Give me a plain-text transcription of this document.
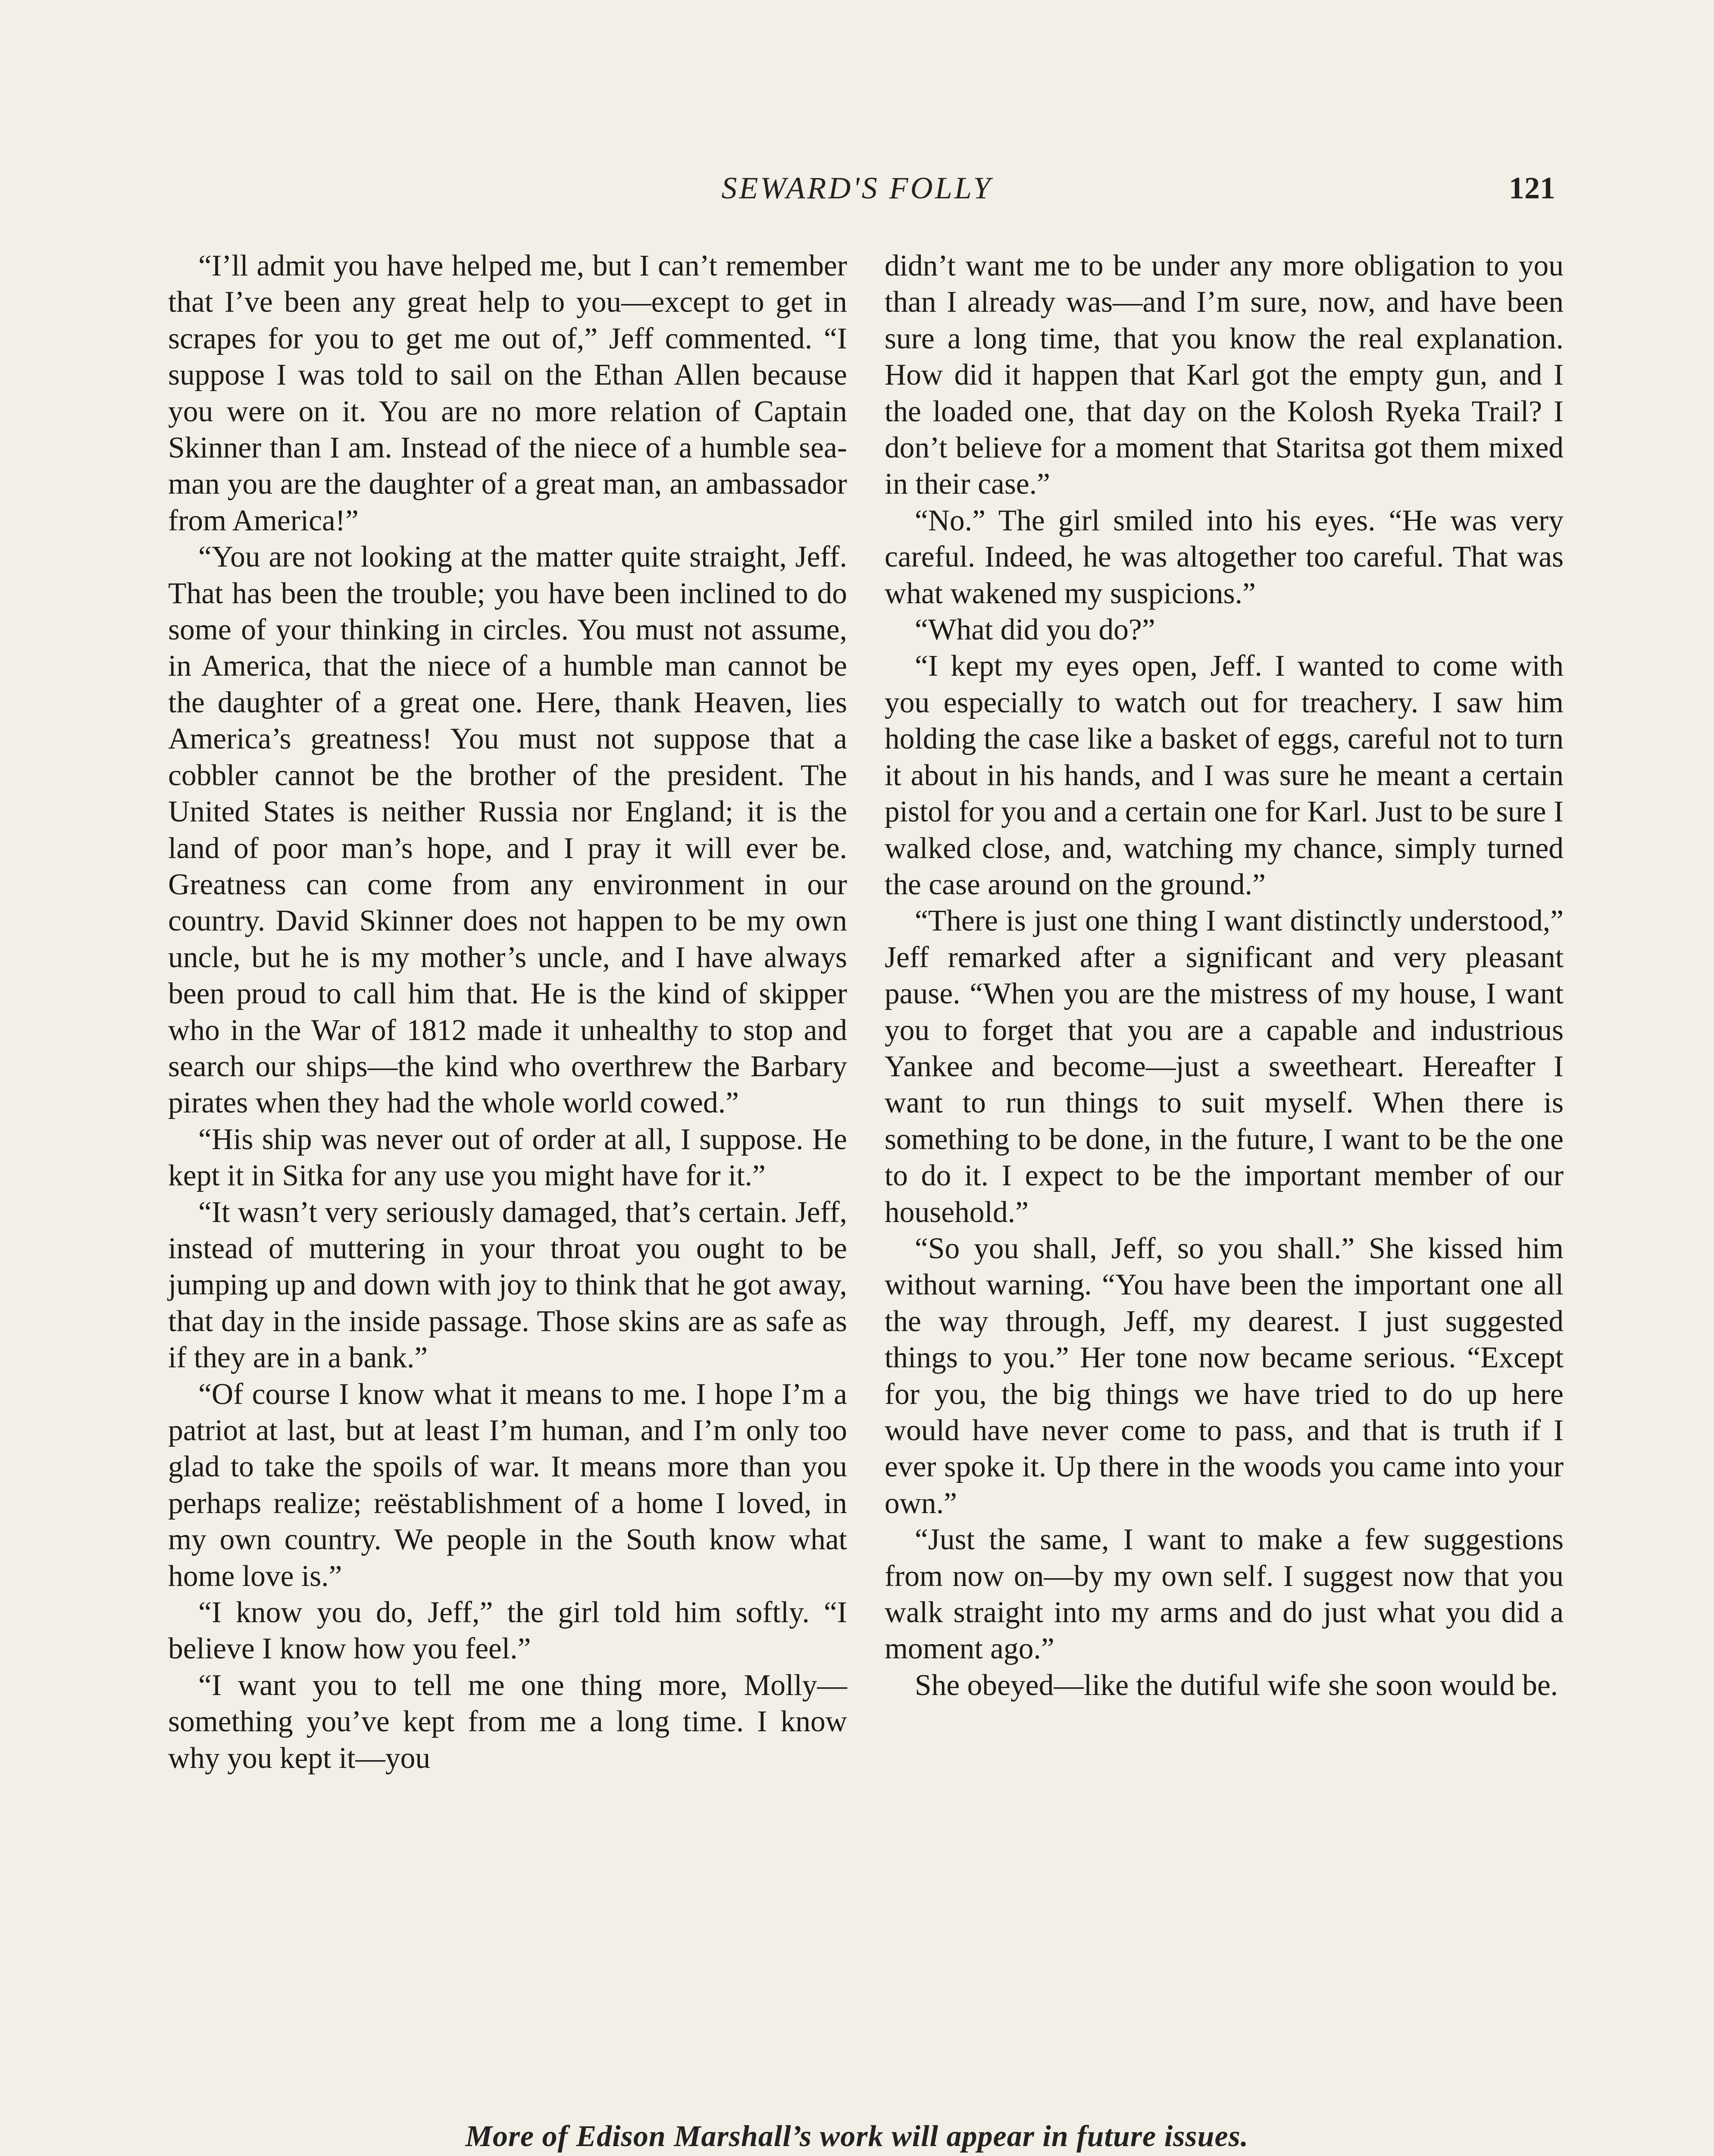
SEWARD'S FOLLY	121

“I’ll admit you have helped me, but I can’t remember that I’ve been any great help to you—except to get in scrapes for you to get me out of,” Jeff commented. “I suppose I was told to sail on the Ethan Allen because you were on it. You are no more relation of Captain Skinner than I am. Instead of the niece of a humble seaman you are the daughter of a great man, an ambassador from America!”

“You are not looking at the matter quite straight, Jeff. That has been the trouble; you have been inclined to do some of your thinking in circles. You must not assume, in America, that the niece of a humble man cannot be the daughter of a great one. Here, thank Heaven, lies America’s greatness! You must not suppose that a cobbler cannot be the brother of the president. The United States is neither Russia nor England; it is the land of poor man’s hope, and I pray it will ever be. Greatness can come from any environment in our country. David Skinner does not happen to be my own uncle, but he is my mother’s uncle, and I have always been proud to call him that. He is the kind of skipper who in the War of 1812 made it unhealthy to stop and search our ships—the kind who overthrew the Barbary pirates when they had the whole world cowed.”

“His ship was never out of order at all, I suppose. He kept it in Sitka for any use you might have for it.”

“It wasn’t very seriously damaged, that’s certain. Jeff, instead of muttering in your throat you ought to be jumping up and down with joy to think that he got away, that day in the inside passage. Those skins are as safe as if they are in a bank.”

“Of course I know what it means to me. I hope I’m a patriot at last, but at least I’m human, and I’m only too glad to take the spoils of war. It means more than you perhaps realize; reëstablishment of a home I loved, in my own country. We people in the South know what home love is.”

“I know you do, Jeff,” the girl told him softly. “I believe I know how you feel.”

“I want you to tell me one thing more, Molly—something you’ve kept from me a long time. I know why you kept it—you

didn’t want me to be under any more obligation to you than I already was—and I’m sure, now, and have been sure a long time, that you know the real explanation. How did it happen that Karl got the empty gun, and I the loaded one, that day on the Kolosh Ryeka Trail? I don’t believe for a moment that Staritsa got them mixed in their case.”

“No.” The girl smiled into his eyes. “He was very careful. Indeed, he was altogether too careful. That was what wakened my suspicions.”

“What did you do?”

“I kept my eyes open, Jeff. I wanted to come with you especially to watch out for treachery. I saw him holding the case like a basket of eggs, careful not to turn it about in his hands, and I was sure he meant a certain pistol for you and a certain one for Karl. Just to be sure I walked close, and, watching my chance, simply turned the case around on the ground.”

“There is just one thing I want distinctly understood,” Jeff remarked after a significant and very pleasant pause. “When you are the mistress of my house, I want you to forget that you are a capable and industrious Yankee and become—just a sweetheart. Hereafter I want to run things to suit myself. When there is something to be done, in the future, I want to be the one to do it. I expect to be the important member of our household.”

“So you shall, Jeff, so you shall.” She kissed him without warning. “You have been the important one all the way through, Jeff, my dearest. I just suggested things to you.” Her tone now became serious. “Except for you, the big things we have tried to do up here would have never come to pass, and that is truth if I ever spoke it. Up there in the woods you came into your own.”

“Just the same, I want to make a few suggestions from now on—by my own self. I suggest now that you walk straight into my arms and do just what you did a moment ago.”

She obeyed—like the dutiful wife she soon would be.

More of Edison Marshall’s work will appear in future issues.
